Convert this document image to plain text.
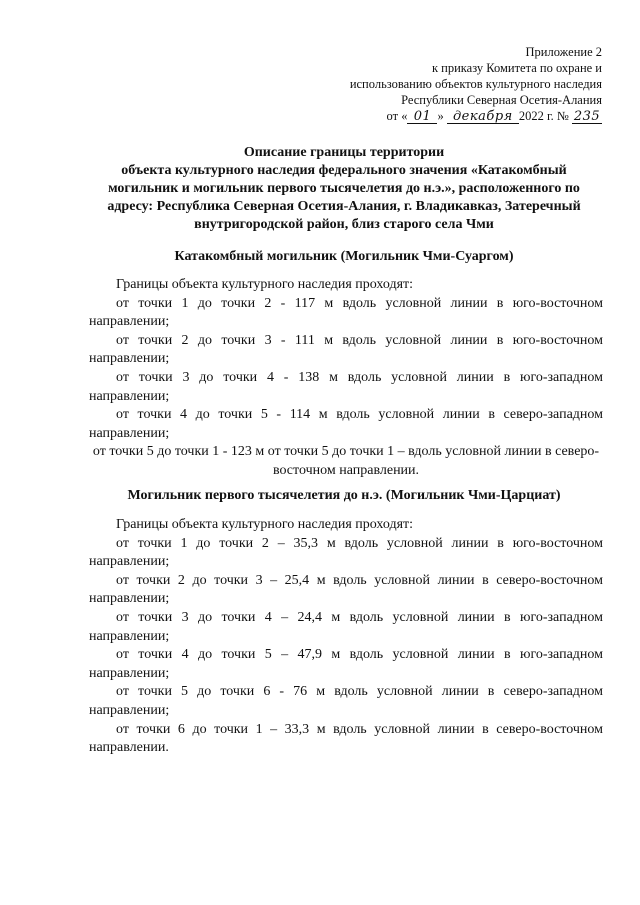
Приложение 2
к приказу Комитета по охране и
использованию объектов культурного наследия
Республики Северная Осетия-Алания
от « 01 » декабря 2022 г. № 235
Описание границы территории
объекта культурного наследия федерального значения «Катакомбный
могильник и могильник первого тысячелетия до н.э.», расположенного по
адресу: Республика Северная Осетия-Алания, г. Владикавказ, Затеречный
внутригородской район, близ старого села Чми
Катакомбный могильник (Могильник Чми-Суаргом)

Границы объекта культурного наследия проходят:

от точки 1 до точки 2 - 117 м вдоль условной линии в юго-восточном направлении;

от точки 2 до точки 3 - 111 м вдоль условной линии в юго-восточном направлении;

от точки 3 до точки 4 - 138 м вдоль условной линии в юго-западном направлении;

от точки 4 до точки 5 - 114 м вдоль условной линии в северо-западном направлении;

от точки 5 до точки 1 - 123 м от точки 5 до точки 1 – вдоль условной линии в северо-восточном направлении.

Могильник первого тысячелетия до н.э. (Могильник Чми-Царциат)

Границы объекта культурного наследия проходят:

от точки 1 до точки 2 – 35,3 м вдоль условной линии в юго-восточном направлении;

от точки 2 до точки 3 – 25,4 м вдоль условной линии в северо-восточном направлении;

от точки 3 до точки 4 – 24,4 м вдоль условной линии в юго-западном направлении;

от точки 4 до точки 5 – 47,9 м вдоль условной линии в юго-западном направлении;

от точки 5 до точки 6 - 76 м вдоль условной линии в северо-западном направлении;

от точки 6 до точки 1 – 33,3 м вдоль условной линии в северо-восточном направлении.
